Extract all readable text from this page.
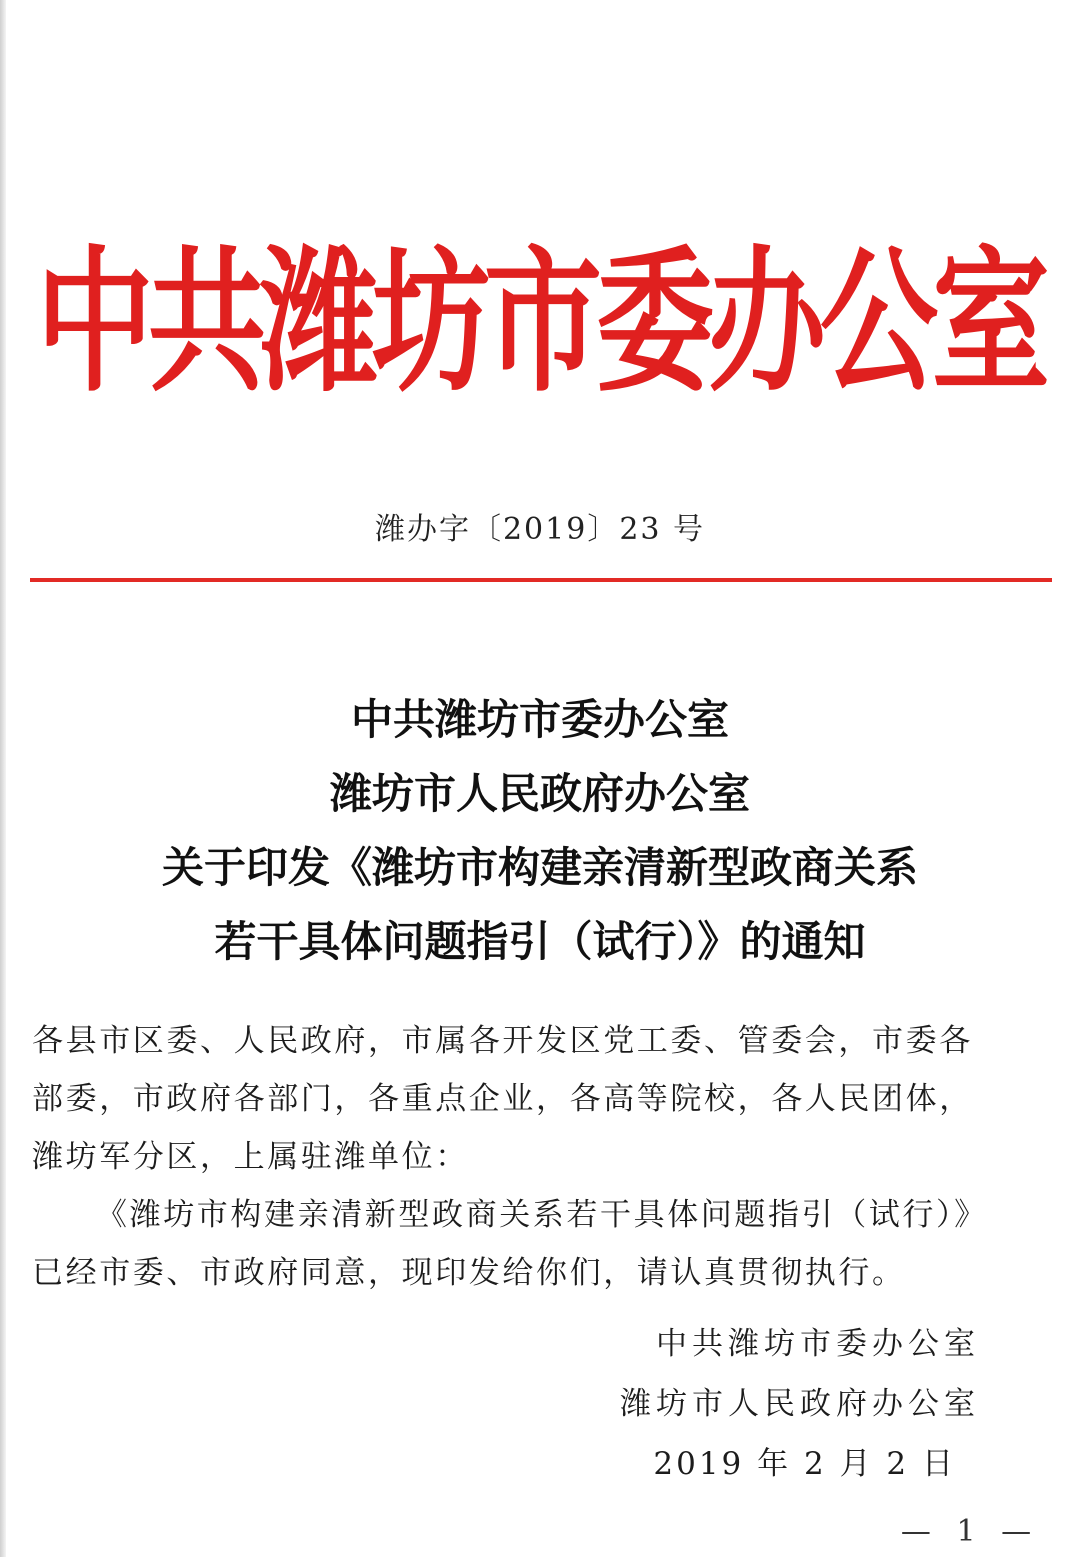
中共潍坊市委办公室
潍办字〔2019〕23 号
中共潍坊市委办公室
潍坊市人民政府办公室
关于印发《潍坊市构建亲清新型政商关系
若干具体问题指引（试行）》的通知
各县市区委、人民政府，市属各开发区党工委、管委会，市委各
部委，市政府各部门，各重点企业，各高等院校，各人民团体，
潍坊军分区，上属驻潍单位：
《潍坊市构建亲清新型政商关系若干具体问题指引（试行）》
已经市委、市政府同意，现印发给你们，请认真贯彻执行。
中共潍坊市委办公室
潍坊市人民政府办公室
2019 年 2 月 2 日
— 1 —
